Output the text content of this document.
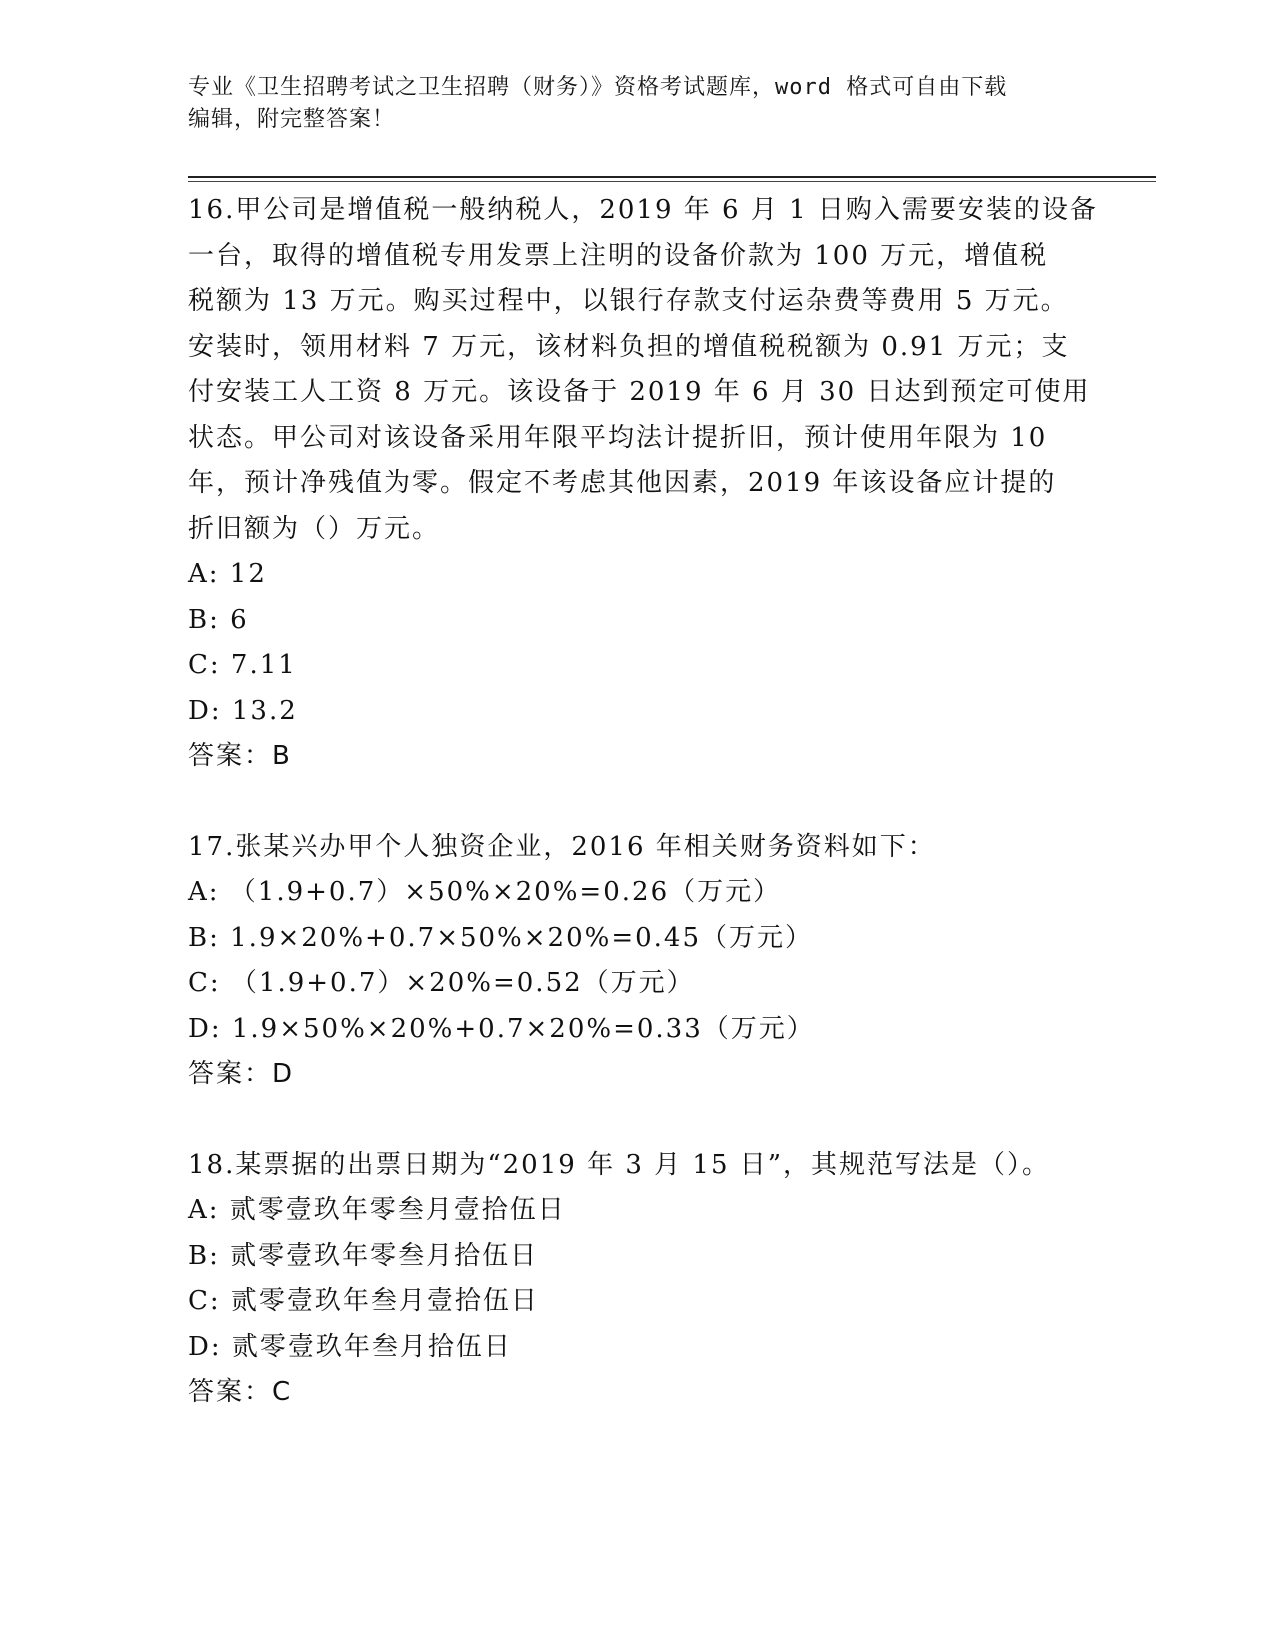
专业《卫生招聘考试之卫生招聘（财务）》资格考试题库，word 格式可自由下载
编辑，附完整答案！
16.甲公司是增值税一般纳税人，2019 年 6 月 1 日购入需要安装的设备
一台，取得的增值税专用发票上注明的设备价款为 100 万元，增值税
税额为 13 万元。购买过程中，以银行存款支付运杂费等费用 5 万元。
安装时，领用材料 7 万元，该材料负担的增值税税额为 0.91 万元；支
付安装工人工资 8 万元。该设备于 2019 年 6 月 30 日达到预定可使用
状态。甲公司对该设备采用年限平均法计提折旧，预计使用年限为 10
年，预计净残值为零。假定不考虑其他因素，2019 年该设备应计提的
折旧额为（）万元。
A: 12
B: 6
C: 7.11
D: 13.2
答案：B
17.张某兴办甲个人独资企业，2016 年相关财务资料如下：
A: （1.9+0.7）×50%×20%=0.26（万元）
B: 1.9×20%+0.7×50%×20%=0.45（万元）
C: （1.9+0.7）×20%=0.52（万元）
D: 1.9×50%×20%+0.7×20%=0.33（万元）
答案：D
18.某票据的出票日期为“2019 年 3 月 15 日”，其规范写法是（）。
A: 贰零壹玖年零叁月壹拾伍日
B: 贰零壹玖年零叁月拾伍日
C: 贰零壹玖年叁月壹拾伍日
D: 贰零壹玖年叁月拾伍日
答案：C
